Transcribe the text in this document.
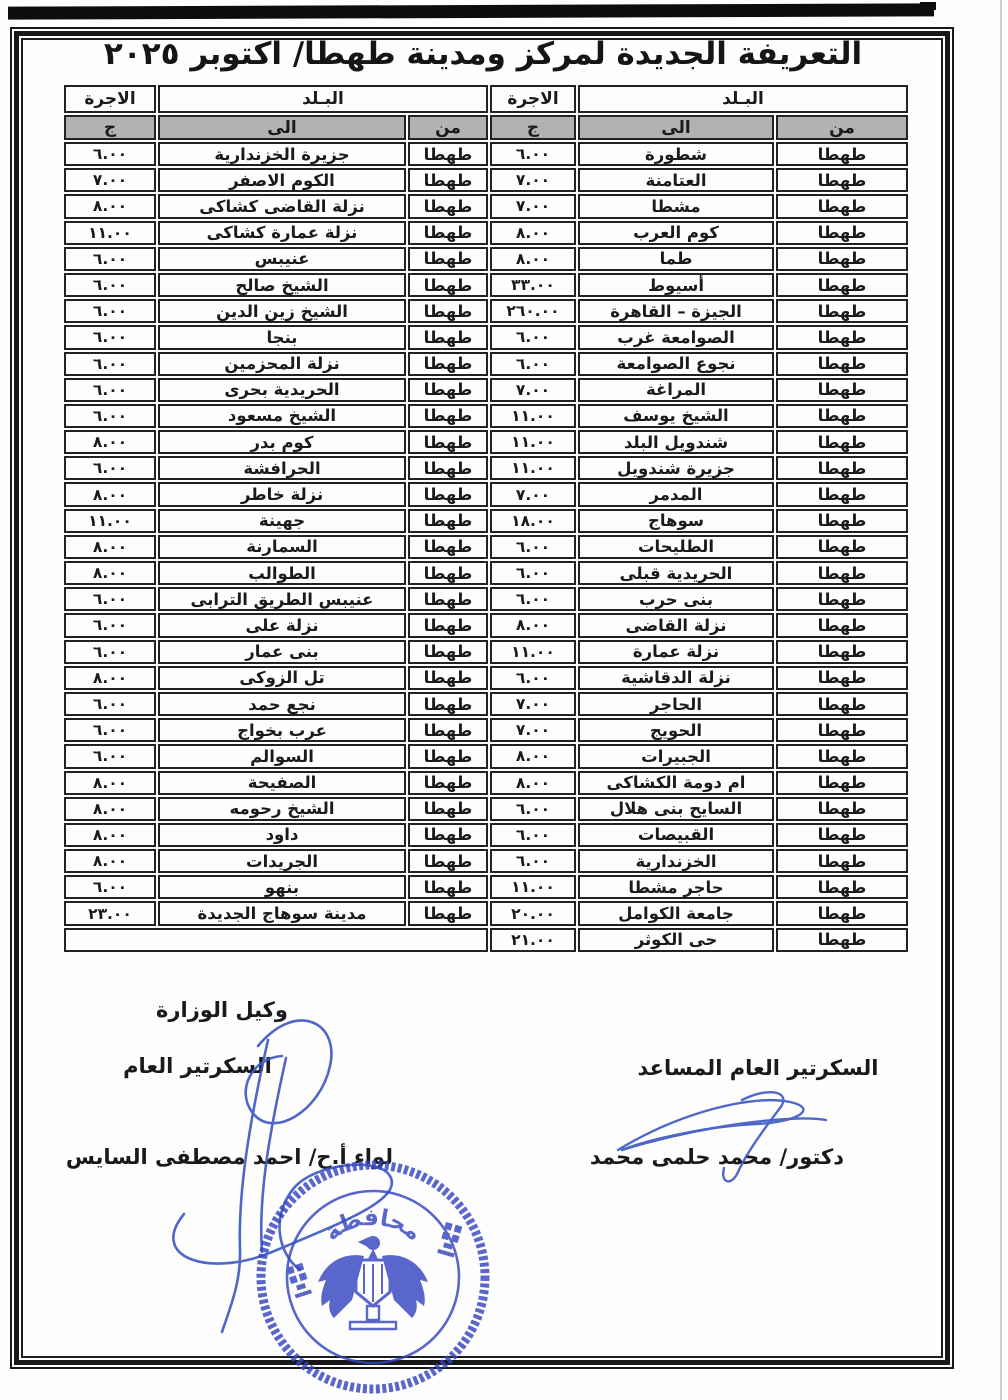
التعريفة الجديدة لمركز ومدينة طهطا/ اكتوبر ٢٠٢٥
البـلد		الاجرة	البـلد		الاجرة
من	الى	ج	من	الى	ج
طهطا	شطورة	٦.٠٠	طهطا	جزيرة الخزندارية	٦.٠٠
طهطا	العتامنة	٧.٠٠	طهطا	الكوم الاصفر	٧.٠٠
طهطا	مشطا	٧.٠٠	طهطا	نزلة القاضى كشاكى	٨.٠٠
طهطا	كوم العرب	٨.٠٠	طهطا	نزلة عمارة كشاكى	١١.٠٠
طهطا	طما	٨.٠٠	طهطا	عنيبس	٦.٠٠
طهطا	أسيوط	٣٣.٠٠	طهطا	الشيخ صالح	٦.٠٠
طهطا	الجيزة – القاهرة	٢٦٠.٠٠	طهطا	الشيخ زين الدين	٦.٠٠
طهطا	الصوامعة غرب	٦.٠٠	طهطا	بنجا	٦.٠٠
طهطا	نجوع الصوامعة	٦.٠٠	طهطا	نزلة المحزمين	٦.٠٠
طهطا	المراغة	٧.٠٠	طهطا	الحريدية بحرى	٦.٠٠
طهطا	الشيخ يوسف	١١.٠٠	طهطا	الشيخ مسعود	٦.٠٠
طهطا	شندويل البلد	١١.٠٠	طهطا	كوم بدر	٨.٠٠
طهطا	جزيرة شندويل	١١.٠٠	طهطا	الحرافشة	٦.٠٠
طهطا	المدمر	٧.٠٠	طهطا	نزلة خاطر	٨.٠٠
طهطا	سوهاج	١٨.٠٠	طهطا	جهينة	١١.٠٠
طهطا	الطليحات	٦.٠٠	طهطا	السمارنة	٨.٠٠
طهطا	الحريدية قبلى	٦.٠٠	طهطا	الطوالب	٨.٠٠
طهطا	بنى حرب	٦.٠٠	طهطا	عنيبس الطريق الترابى	٦.٠٠
طهطا	نزلة القاضى	٨.٠٠	طهطا	نزلة على	٦.٠٠
طهطا	نزلة عمارة	١١.٠٠	طهطا	بنى عمار	٦.٠٠
طهطا	نزلة الدقاشية	٦.٠٠	طهطا	تل الزوكى	٨.٠٠
طهطا	الحاجر	٧.٠٠	طهطا	نجع حمد	٦.٠٠
طهطا	الحويج	٧.٠٠	طهطا	عرب بخواج	٦.٠٠
طهطا	الجبيرات	٨.٠٠	طهطا	السوالم	٦.٠٠
طهطا	ام دومة الكشاكى	٨.٠٠	طهطا	الصفيحة	٨.٠٠
طهطا	السايح بنى هلال	٦.٠٠	طهطا	الشيخ رحومه	٨.٠٠
طهطا	القبيصات	٦.٠٠	طهطا	داود	٨.٠٠
طهطا	الخزندارية	٦.٠٠	طهطا	الجريدات	٨.٠٠
طهطا	حاجر مشطا	١١.٠٠	طهطا	بنهو	٦.٠٠
طهطا	جامعة الكوامل	٢٠.٠٠	طهطا	مدينة سوهاج الجديدة	٢٣.٠٠
طهطا	حى الكوثر	٢١.٠٠			
وكيل الوزارة
السكرتير العام
لواء أ.ح/ احمد مصطفى السايس
السكرتير العام المساعد
دكتور/ محمد حلمى محمد
محافظة
